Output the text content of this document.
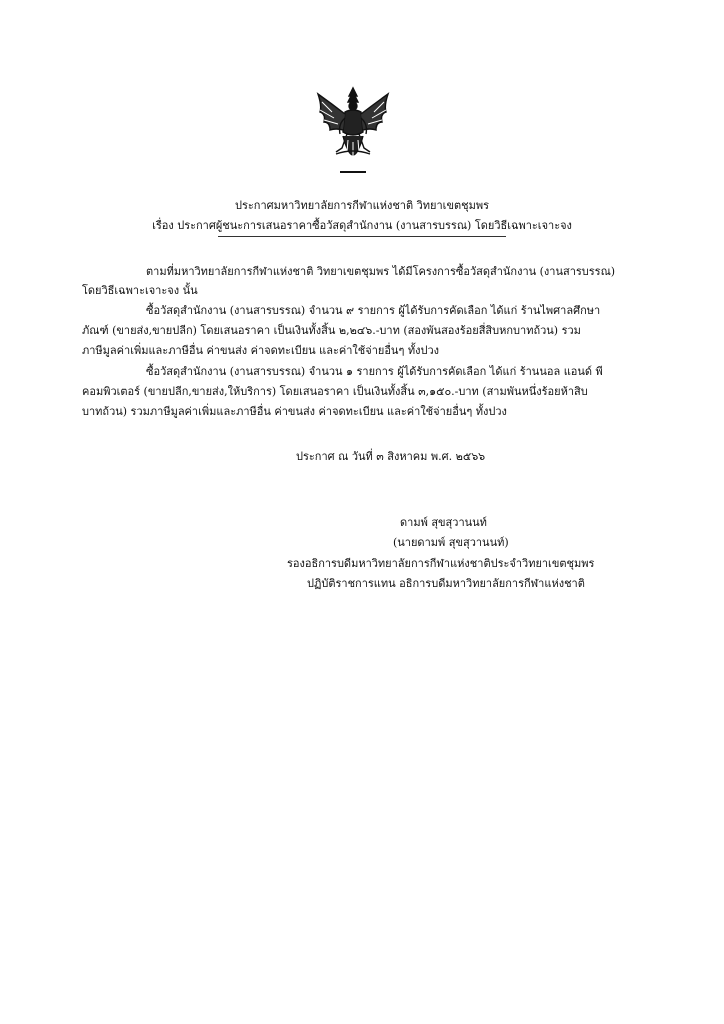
ประกาศมหาวิทยาลัยการกีฬาแห่งชาติ วิทยาเขตชุมพร
เรื่อง ประกาศผู้ชนะการเสนอราคาซื้อวัสดุสำนักงาน (งานสารบรรณ) โดยวิธีเฉพาะเจาะจง
ตามที่มหาวิทยาลัยการกีฬาแห่งชาติ วิทยาเขตชุมพร ได้มีโครงการซื้อวัสดุสำนักงาน (งานสารบรรณ)
โดยวิธีเฉพาะเจาะจง นั้น
ซื้อวัสดุสำนักงาน (งานสารบรรณ) จำนวน ๙ รายการ ผู้ได้รับการคัดเลือก ได้แก่ ร้านไพศาลศึกษา
ภัณฑ์ (ขายส่ง,ขายปลีก) โดยเสนอราคา เป็นเงินทั้งสิ้น ๒,๒๔๖.-บาท (สองพันสองร้อยสี่สิบหกบาทถ้วน) รวม
ภาษีมูลค่าเพิ่มและภาษีอื่น ค่าขนส่ง ค่าจดทะเบียน และค่าใช้จ่ายอื่นๆ ทั้งปวง
ซื้อวัสดุสำนักงาน (งานสารบรรณ) จำนวน ๑ รายการ ผู้ได้รับการคัดเลือก ได้แก่ ร้านนอล แอนด์ พี
คอมพิวเตอร์ (ขายปลีก,ขายส่ง,ให้บริการ) โดยเสนอราคา เป็นเงินทั้งสิ้น ๓,๑๕๐.-บาท (สามพันหนึ่งร้อยห้าสิบ
บาทถ้วน) รวมภาษีมูลค่าเพิ่มและภาษีอื่น ค่าขนส่ง ค่าจดทะเบียน และค่าใช้จ่ายอื่นๆ ทั้งปวง
ประกาศ ณ วันที่ ๓ สิงหาคม พ.ศ. ๒๕๖๖
ดามพ์ สุขสุวานนท์
(นายดามพ์ สุขสุวานนท์)
รองอธิการบดีมหาวิทยาลัยการกีฬาแห่งชาติประจำวิทยาเขตชุมพร
ปฏิบัติราชการแทน อธิการบดีมหาวิทยาลัยการกีฬาแห่งชาติ
